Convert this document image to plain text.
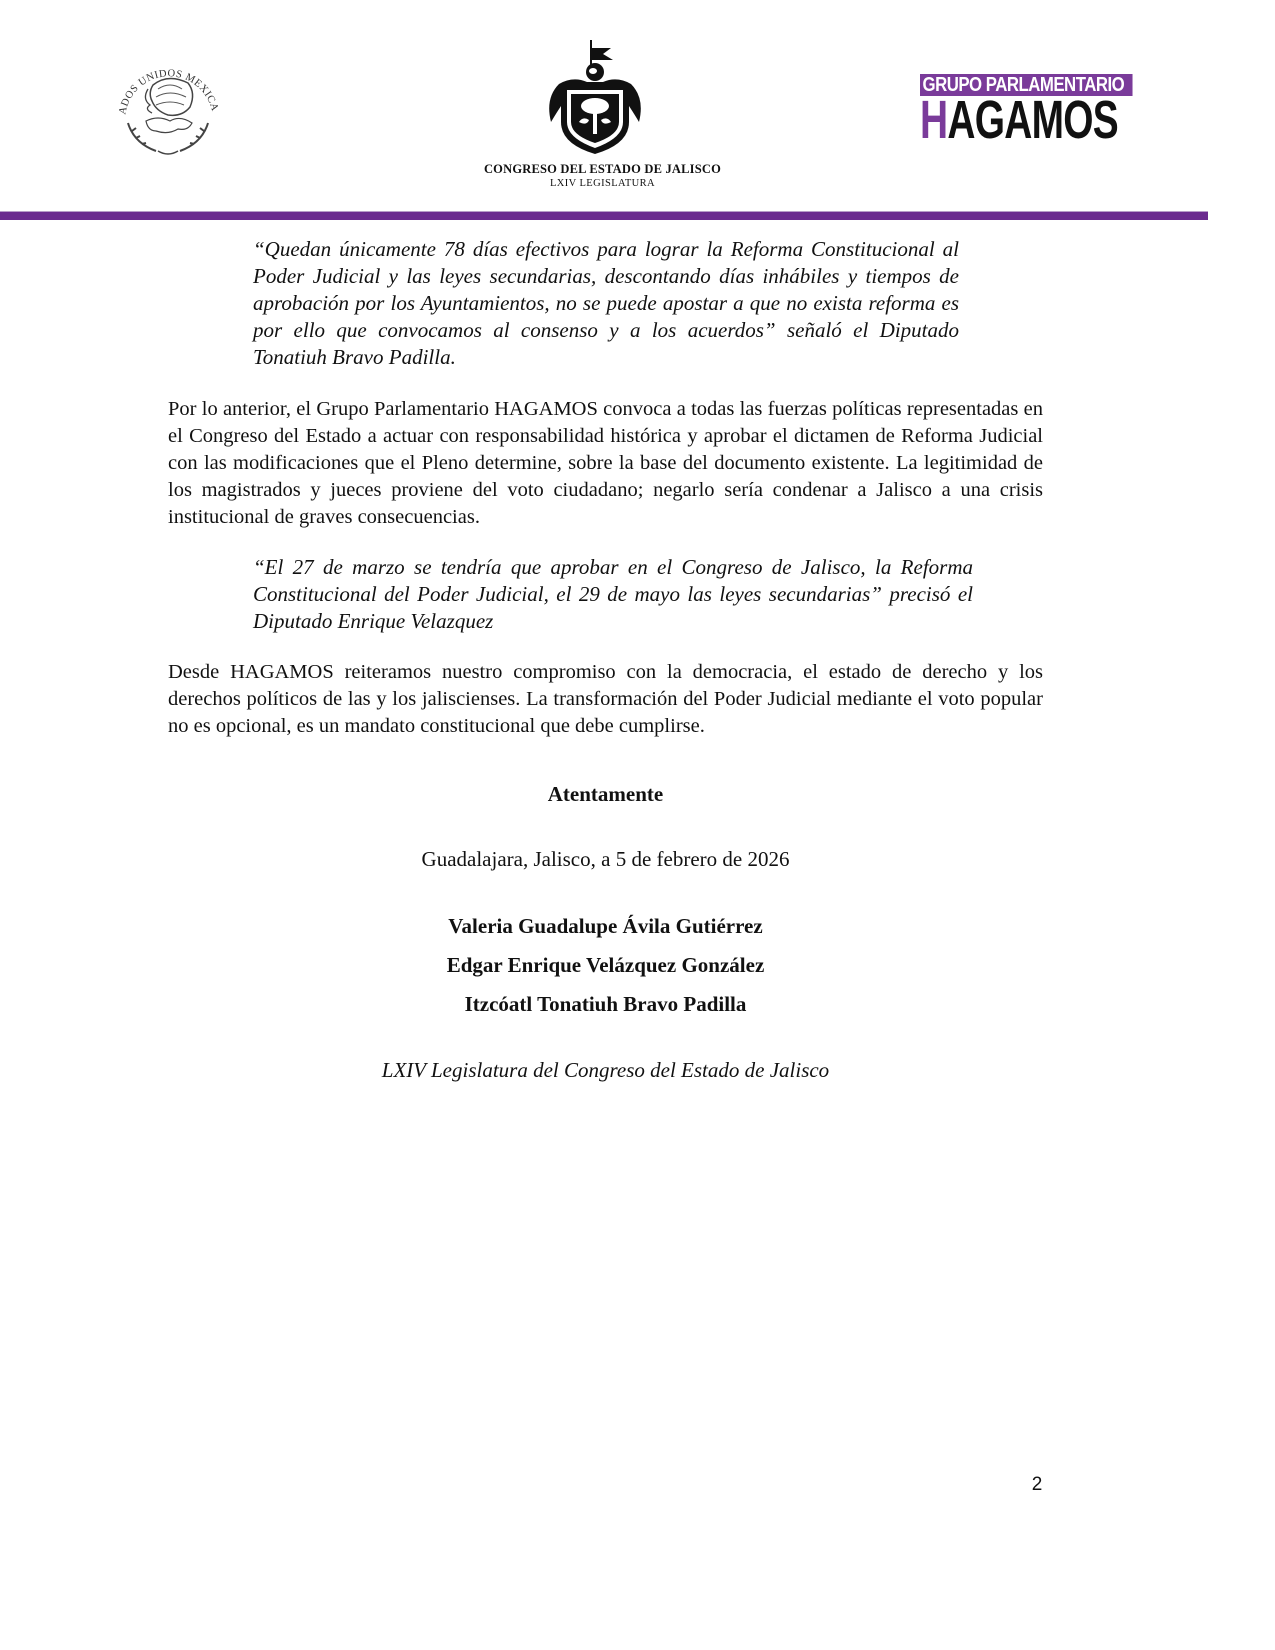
ADOS UNIDOS MEXICA
CONGRESO DEL ESTADO DE JALISCO
LXIV LEGISLATURA
GRUPO PARLAMENTARIO
HAGAMOS
“Quedan únicamente 78 días efectivos para lograr la Reforma Constitucional al Poder Judicial y las leyes secundarias, descontando días inhábiles y tiempos de aprobación por los Ayuntamientos, no se puede apostar a que no exista reforma es por ello que convocamos al consenso y a los acuerdos” señaló el Diputado Tonatiuh Bravo Padilla.
Por lo anterior, el Grupo Parlamentario HAGAMOS convoca a todas las fuerzas políticas representadas en el Congreso del Estado a actuar con responsabilidad histórica y aprobar el dictamen de Reforma Judicial con las modificaciones que el Pleno determine, sobre la base del documento existente. La legitimidad de los magistrados y jueces proviene del voto ciudadano; negarlo sería condenar a Jalisco a una crisis institucional de graves consecuencias.
“El 27 de marzo se tendría que aprobar en el Congreso de Jalisco, la Reforma Constitucional del Poder Judicial, el 29 de mayo las leyes secundarias” precisó el Diputado Enrique Velazquez
Desde HAGAMOS reiteramos nuestro compromiso con la democracia, el estado de derecho y los derechos políticos de las y los jaliscienses. La transformación del Poder Judicial mediante el voto popular no es opcional, es un mandato constitucional que debe cumplirse.
Atentamente
Guadalajara, Jalisco, a 5 de febrero de 2026
Valeria Guadalupe Ávila Gutiérrez
Edgar Enrique Velázquez González
Itzcóatl Tonatiuh Bravo Padilla
LXIV Legislatura del Congreso del Estado de Jalisco
2
